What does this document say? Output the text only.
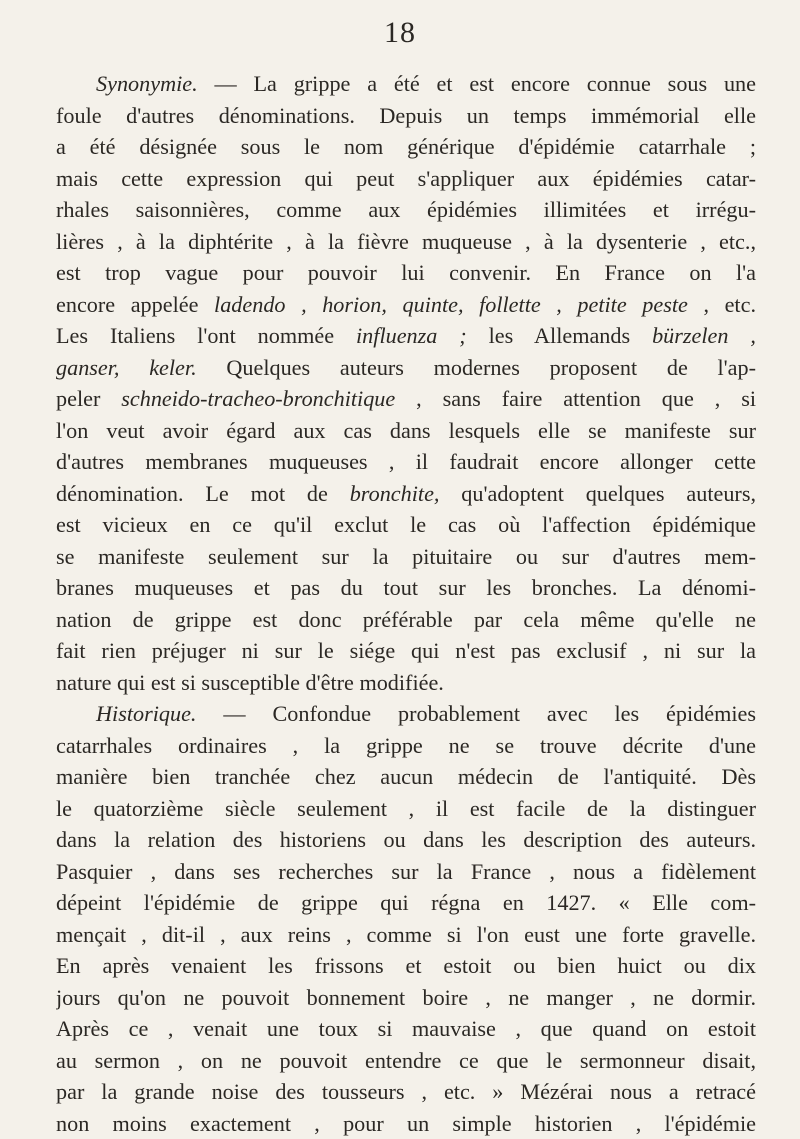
18
Synonymie. — La grippe a été et est encore connue sous une
foule d'autres dénominations. Depuis un temps immémorial elle
a été désignée sous le nom générique d'épidémie catarrhale ;
mais cette expression qui peut s'appliquer aux épidémies catar-
rhales saisonnières, comme aux épidémies illimitées et irrégu-
lières , à la diphtérite , à la fièvre muqueuse , à la dysenterie , etc.,
est trop vague pour pouvoir lui convenir. En France on l'a
encore appelée ladendo , horion, quinte, follette , petite peste , etc.
Les Italiens l'ont nommée influenza ; les Allemands bürzelen ,
ganser, keler. Quelques auteurs modernes proposent de l'ap-
peler schneido-tracheo-bronchitique , sans faire attention que , si
l'on veut avoir égard aux cas dans lesquels elle se manifeste sur
d'autres membranes muqueuses , il faudrait encore allonger cette
dénomination. Le mot de bronchite, qu'adoptent quelques auteurs,
est vicieux en ce qu'il exclut le cas où l'affection épidémique
se manifeste seulement sur la pituitaire ou sur d'autres mem-
branes muqueuses et pas du tout sur les bronches. La dénomi-
nation de grippe est donc préférable par cela même qu'elle ne
fait rien préjuger ni sur le siége qui n'est pas exclusif , ni sur la
nature qui est si susceptible d'être modifiée.
Historique. — Confondue probablement avec les épidémies
catarrhales ordinaires , la grippe ne se trouve décrite d'une
manière bien tranchée chez aucun médecin de l'antiquité. Dès
le quatorzième siècle seulement , il est facile de la distinguer
dans la relation des historiens ou dans les description des auteurs.
Pasquier , dans ses recherches sur la France , nous a fidèlement
dépeint l'épidémie de grippe qui régna en 1427. « Elle com-
mençait , dit-il , aux reins , comme si l'on eust une forte gravelle.
En après venaient les frissons et estoit ou bien huict ou dix
jours qu'on ne pouvoit bonnement boire , ne manger , ne dormir.
Après ce , venait une toux si mauvaise , que quand on estoit
au sermon , on ne pouvoit entendre ce que le sermonneur disait,
par la grande noise des tousseurs , etc. » Mézérai nous a retracé
non moins exactement , pour un simple historien , l'épidémie
